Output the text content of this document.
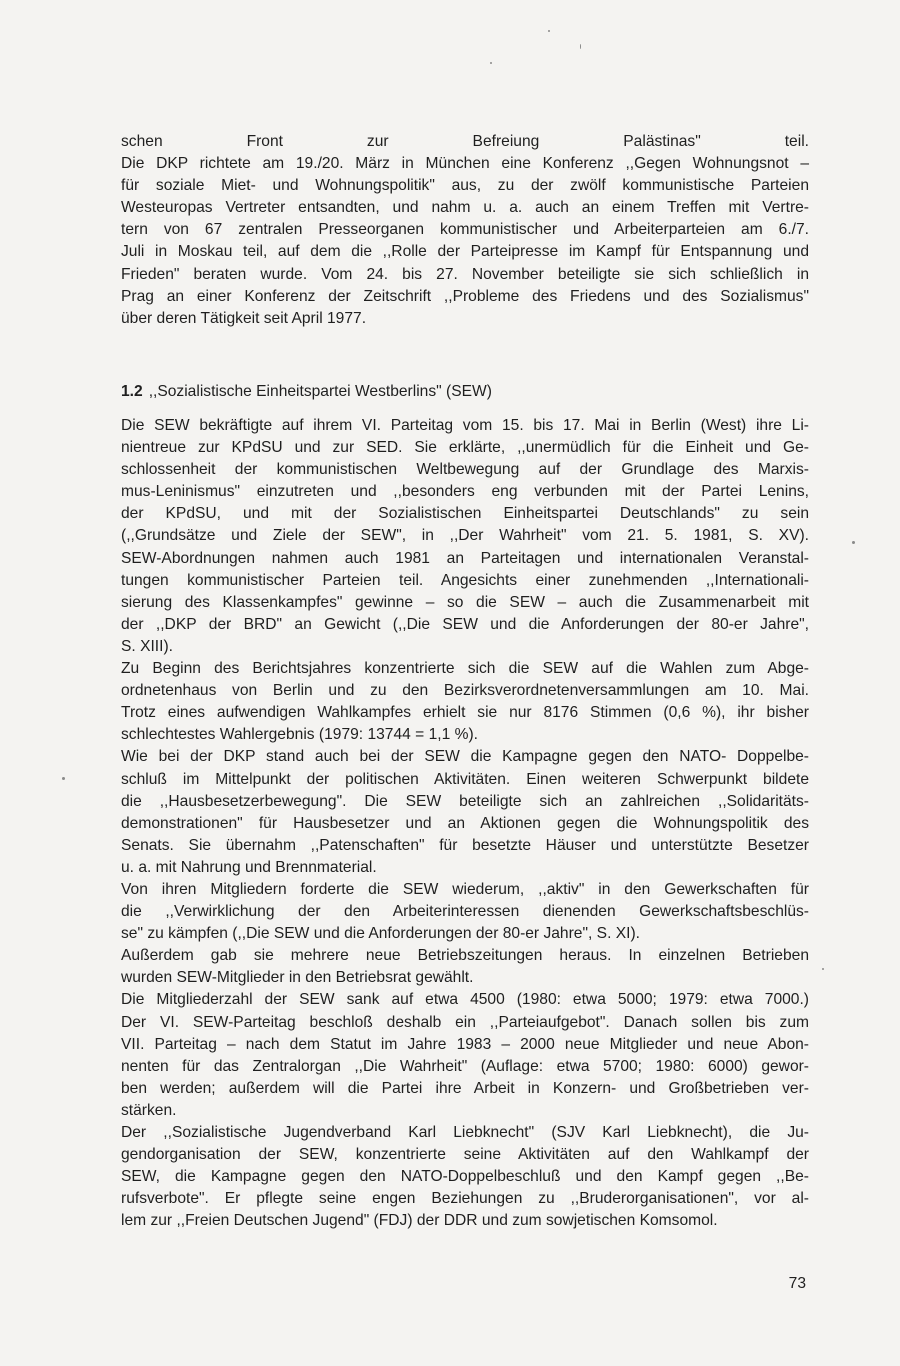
schen Front zur Befreiung Palästinas" teil.
Die DKP richtete am 19./20. März in München eine Konferenz ,,Gegen Wohnungsnot –
für soziale Miet- und Wohnungspolitik" aus, zu der zwölf kommunistische Parteien
Westeuropas Vertreter entsandten, und nahm u. a. auch an einem Treffen mit Vertre-
tern von 67 zentralen Presseorganen kommunistischer und Arbeiterparteien am 6./7.
Juli in Moskau teil, auf dem die ,,Rolle der Parteipresse im Kampf für Entspannung und
Frieden" beraten wurde. Vom 24. bis 27. November beteiligte sie sich schließlich in
Prag an einer Konferenz der Zeitschrift ,,Probleme des Friedens und des Sozialismus"
über deren Tätigkeit seit April 1977.
1.2 ,,Sozialistische Einheitspartei Westberlins" (SEW)
Die SEW bekräftigte auf ihrem VI. Parteitag vom 15. bis 17. Mai in Berlin (West) ihre Li-
nientreue zur KPdSU und zur SED. Sie erklärte, ,,unermüdlich für die Einheit und Ge-
schlossenheit der kommunistischen Weltbewegung auf der Grundlage des Marxis-
mus-Leninismus" einzutreten und ,,besonders eng verbunden mit der Partei Lenins,
der KPdSU, und mit der Sozialistischen Einheitspartei Deutschlands" zu sein
(,,Grundsätze und Ziele der SEW", in ,,Der Wahrheit" vom 21. 5. 1981, S. XV).
SEW-Abordnungen nahmen auch 1981 an Parteitagen und internationalen Veranstal-
tungen kommunistischer Parteien teil. Angesichts einer zunehmenden ,,Internationali-
sierung des Klassenkampfes" gewinne – so die SEW – auch die Zusammenarbeit mit
der ,,DKP der BRD" an Gewicht (,,Die SEW und die Anforderungen der 80-er Jahre",
S. XIII).
Zu Beginn des Berichtsjahres konzentrierte sich die SEW auf die Wahlen zum Abge-
ordnetenhaus von Berlin und zu den Bezirksverordnetenversammlungen am 10. Mai.
Trotz eines aufwendigen Wahlkampfes erhielt sie nur 8176 Stimmen (0,6 %), ihr bisher
schlechtestes Wahlergebnis (1979: 13744 = 1,1 %).
Wie bei der DKP stand auch bei der SEW die Kampagne gegen den NATO- Doppelbe-
schluß im Mittelpunkt der politischen Aktivitäten. Einen weiteren Schwerpunkt bildete
die ,,Hausbesetzerbewegung". Die SEW beteiligte sich an zahlreichen ,,Solidaritäts-
demonstrationen" für Hausbesetzer und an Aktionen gegen die Wohnungspolitik des
Senats. Sie übernahm ,,Patenschaften" für besetzte Häuser und unterstützte Besetzer
u. a. mit Nahrung und Brennmaterial.
Von ihren Mitgliedern forderte die SEW wiederum, ,,aktiv" in den Gewerkschaften für
die ,,Verwirklichung der den Arbeiterinteressen dienenden Gewerkschaftsbeschlüs-
se" zu kämpfen (,,Die SEW und die Anforderungen der 80-er Jahre", S. XI).
Außerdem gab sie mehrere neue Betriebszeitungen heraus. In einzelnen Betrieben
wurden SEW-Mitglieder in den Betriebsrat gewählt.
Die Mitgliederzahl der SEW sank auf etwa 4500 (1980: etwa 5000; 1979: etwa 7000.)
Der VI. SEW-Parteitag beschloß deshalb ein ,,Parteiaufgebot". Danach sollen bis zum
VII. Parteitag – nach dem Statut im Jahre 1983 – 2000 neue Mitglieder und neue Abon-
nenten für das Zentralorgan ,,Die Wahrheit" (Auflage: etwa 5700; 1980: 6000) gewor-
ben werden; außerdem will die Partei ihre Arbeit in Konzern- und Großbetrieben ver-
stärken.
Der ,,Sozialistische Jugendverband Karl Liebknecht" (SJV Karl Liebknecht), die Ju-
gendorganisation der SEW, konzentrierte seine Aktivitäten auf den Wahlkampf der
SEW, die Kampagne gegen den NATO-Doppelbeschluß und den Kampf gegen ,,Be-
rufsverbote". Er pflegte seine engen Beziehungen zu ,,Bruderorganisationen", vor al-
lem zur ,,Freien Deutschen Jugend" (FDJ) der DDR und zum sowjetischen Komsomol.
73
